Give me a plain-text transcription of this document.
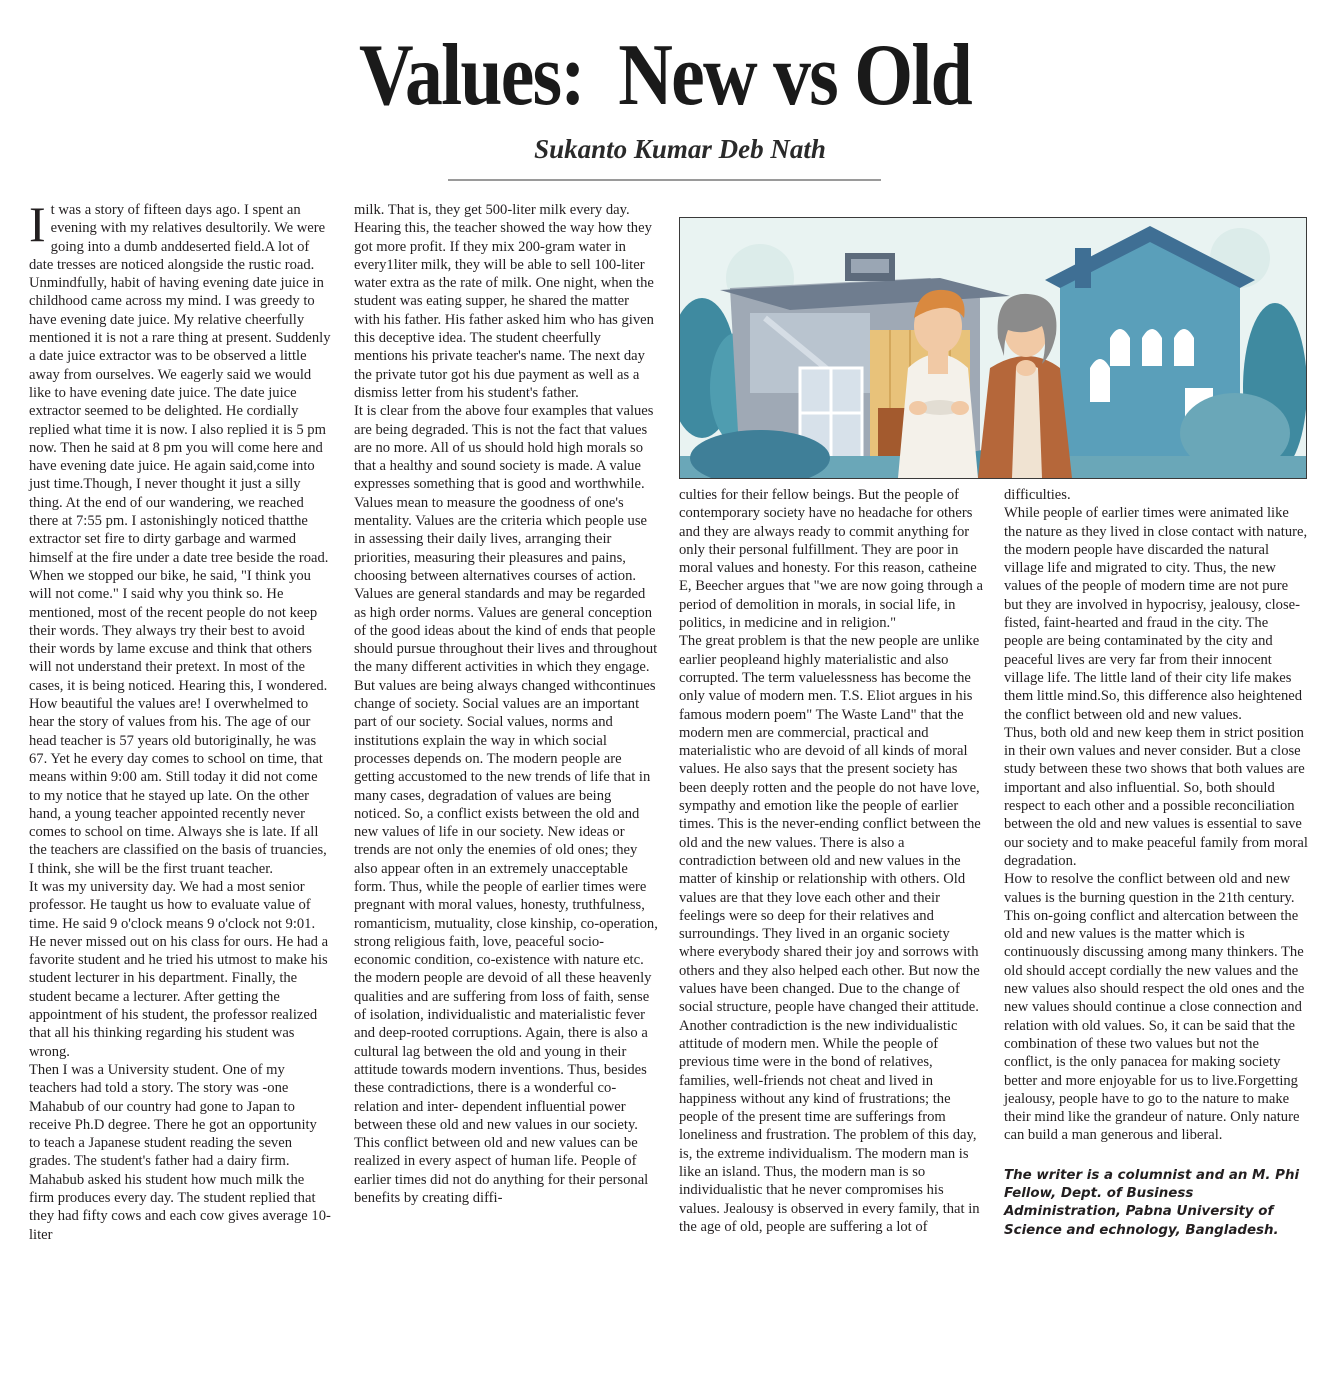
Values:  New vs Old
Sukanto Kumar Deb Nath

It was a story of fifteen days ago. I spent an evening with my relatives desultorily. We were going into a dumb anddeserted field.A lot of date tresses are noticed alongside the rustic road. Unmindfully, habit of having evening date juice in childhood came across my mind. I was greedy to have evening date juice. My relative cheerfully mentioned it is not a rare thing at present. Suddenly a date juice extractor was to be observed a little away from ourselves. We eagerly said we would like to have evening date juice. The date juice extractor seemed to be delighted. He cordially replied what time it is now. I also replied it is 5 pm now. Then he said at 8 pm you will come here and have evening date juice. He again said,come into just time.Though, I never thought it just a silly thing. At the end of our wandering, we reached there at 7:55 pm. I astonishingly noticed thatthe extractor set fire to dirty garbage and warmed himself at the fire under a date tree beside the road. When we stopped our bike, he said, "I think you will not come." I said why you think so. He mentioned, most of the recent people do not keep their words. They always try their best to avoid their words by lame excuse and think that others will not understand their pretext. In most of the cases, it is being noticed. Hearing this, I wondered. How beautiful the values are! I overwhelmed to hear the story of values from his. The age of our head teacher is 57 years old butoriginally, he was 67. Yet he every day comes to school on time, that means within 9:00 am. Still today it did not come to my notice that he stayed up late. On the other hand, a young teacher appointed recently never comes to school on time. Always she is late. If all the teachers are classified on the basis of truancies, I think, she will be the first truant teacher.

It was my university day. We had a most senior professor. He taught us how to evaluate value of time. He said 9 o'clock means 9 o'clock not 9:01. He never missed out on his class for ours. He had a favorite student and he tried his utmost to make his student lecturer in his department. Finally, the student became a lecturer. After getting the appointment of his student, the professor realized that all his thinking regarding his student was wrong.

Then I was a University student. One of my teachers had told a story. The story was -one Mahabub of our country had gone to Japan to receive Ph.D degree. There he got an opportunity to teach a Japanese student reading the seven grades. The student's father had a dairy firm. Mahabub asked his student how much milk the firm produces every day. The student replied that they had fifty cows and each cow gives average 10-liter

milk. That is, they get 500-liter milk every day. Hearing this, the teacher showed the way how they got more profit. If they mix 200-gram water in every1liter milk, they will be able to sell 100-liter water extra as the rate of milk. One night, when the student was eating supper, he shared the matter with his father. His father asked him who has given this deceptive idea. The student cheerfully mentions his private teacher's name. The next day the private tutor got his due payment as well as a dismiss letter from his student's father.

It is clear from the above four examples that values are being degraded. This is not the fact that values are no more. All of us should hold high morals so that a healthy and sound society is made. A value expresses something that is good and worthwhile. Values mean to measure the goodness of one's mentality. Values are the criteria which people use in assessing their daily lives, arranging their priorities, measuring their pleasures and pains, choosing between alternatives courses of action. Values are general standards and may be regarded as high order norms. Values are general conception of the good ideas about the kind of ends that people should pursue throughout their lives and throughout the many different activities in which they engage. But values are being always changed withcontinues change of society. Social values are an important part of our society. Social values, norms and institutions explain the way in which social processes depends on. The modern people are getting accustomed to the new trends of life that in many cases, degradation of values are being noticed. So, a conflict exists between the old and new values of life in our society. New ideas or trends are not only the enemies of old ones; they also appear often in an extremely unacceptable form. Thus, while the people of earlier times were pregnant with moral values, honesty, truthfulness, romanticism, mutuality, close kinship, co-operation, strong religious faith, love, peaceful socio- economic condition, co-existence with nature etc. the modern people are devoid of all these heavenly qualities and are suffering from loss of faith, sense of isolation, individualistic and materialistic fever and deep-rooted corruptions. Again, there is also a cultural lag between the old and young in their attitude towards modern inventions. Thus, besides these contradictions, there is a wonderful co-relation and inter- dependent influential power between these old and new values in our society.

This conflict between old and new values can be realized in every aspect of human life. People of earlier times did not do anything for their personal benefits by creating diffi-

culties for their fellow beings. But the people of contemporary society have no headache for others and they are always ready to commit anything for only their personal fulfillment. They are poor in moral values and honesty. For this reason, catheine E, Beecher argues that "we are now going through a period of demolition in morals, in social life, in politics, in medicine and in religion."

The great problem is that the new people are unlike earlier peopleand highly materialistic and also corrupted. The term valuelessness has become the only value of modern men. T.S. Eliot argues in his famous modern poem" The Waste Land" that the modern men are commercial, practical and materialistic who are devoid of all kinds of moral values. He also says that the present society has been deeply rotten and the people do not have love, sympathy and emotion like the people of earlier times. This is the never-ending conflict between the old and the new values. There is also a contradiction between old and new values in the matter of kinship or relationship with others. Old values are that they love each other and their feelings were so deep for their relatives and surroundings. They lived in an organic society where everybody shared their joy and sorrows with others and they also helped each other. But now the values have been changed. Due to the change of social structure, people have changed their attitude.

Another contradiction is the new individualistic attitude of modern men. While the people of previous time were in the bond of relatives, families, well-friends not cheat and lived in happiness without any kind of frustrations; the people of the present time are sufferings from loneliness and frustration. The problem of this day, is, the extreme individualism. The modern man is like an island. Thus, the modern man is so individualistic that he never compromises his values. Jealousy is observed in every family, that in the age of old, people are suffering a lot of

difficulties.

While people of earlier times were animated like the nature as they lived in close contact with nature, the modern people have discarded the natural village life and migrated to city. Thus, the new values of the people of modern time are not pure but they are involved in hypocrisy, jealousy, close- fisted, faint-hearted and fraud in the city. The people are being contaminated by the city and peaceful lives are very far from their innocent village life. The little land of their city life makes them little mind.So, this difference also heightened the conflict between old and new values.

Thus, both old and new keep them in strict position in their own values and never consider. But a close study between these two shows that both values are important and also influential. So, both should respect to each other and a possible reconciliation between the old and new values is essential to save our society and to make peaceful family from moral degradation.

How to resolve the conflict between old and new values is the burning question in the 21th century. This on-going conflict and altercation between the old and new values is the matter which is continuously discussing among many thinkers. The old should accept cordially the new values and the new values also should respect the old ones and the new values should continue a close connection and relation with old values. So, it can be said that the combination of these two values but not the conflict, is the only panacea for making society better and more enjoyable for us to live.Forgetting jealousy, people have to go to the nature to make their mind like the grandeur of nature. Only nature can build a man generous and liberal.

The writer is a columnist and an M. Phi Fellow, Dept. of Business Administration, Pabna University of Science and echnology, Bangladesh.
